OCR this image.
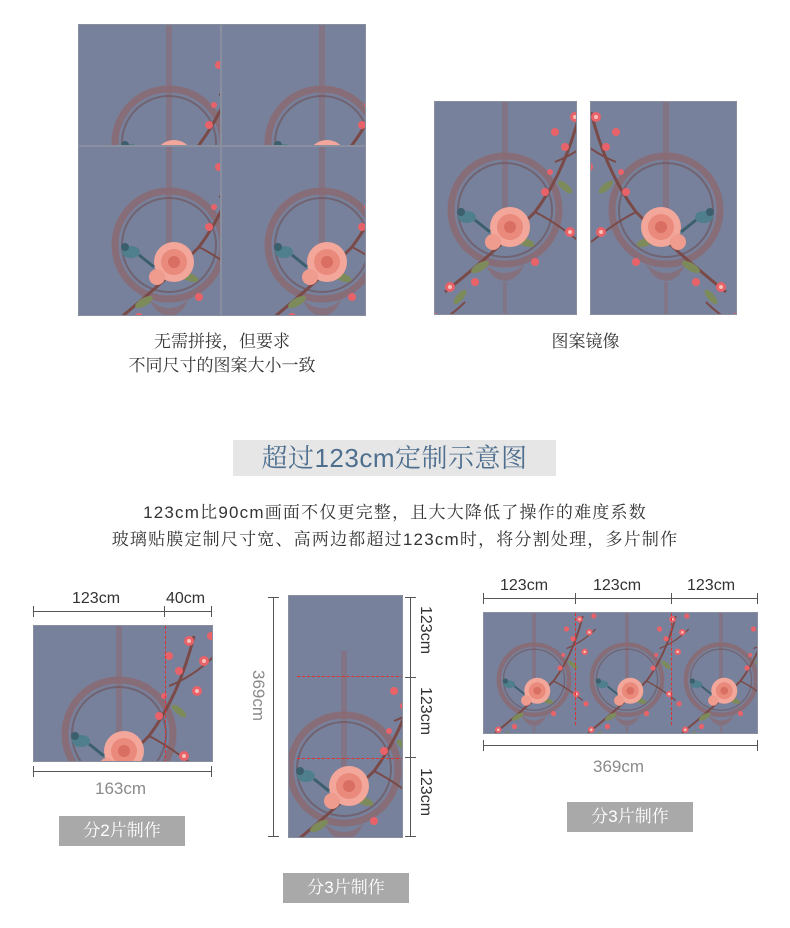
无需拼接，但要求
不同尺寸的图案大小一致
图案镜像
超过123cm定制示意图
123cm比90cm画面不仅更完整，且大大降低了操作的难度系数
玻璃贴膜定制尺寸宽、高两边都超过123cm时，将分割处理，多片制作
123cm	40cm
163cm
分2片制作
369cm
123cm
123cm
123cm
分3片制作
123cm	123cm	123cm
369cm
分3片制作
